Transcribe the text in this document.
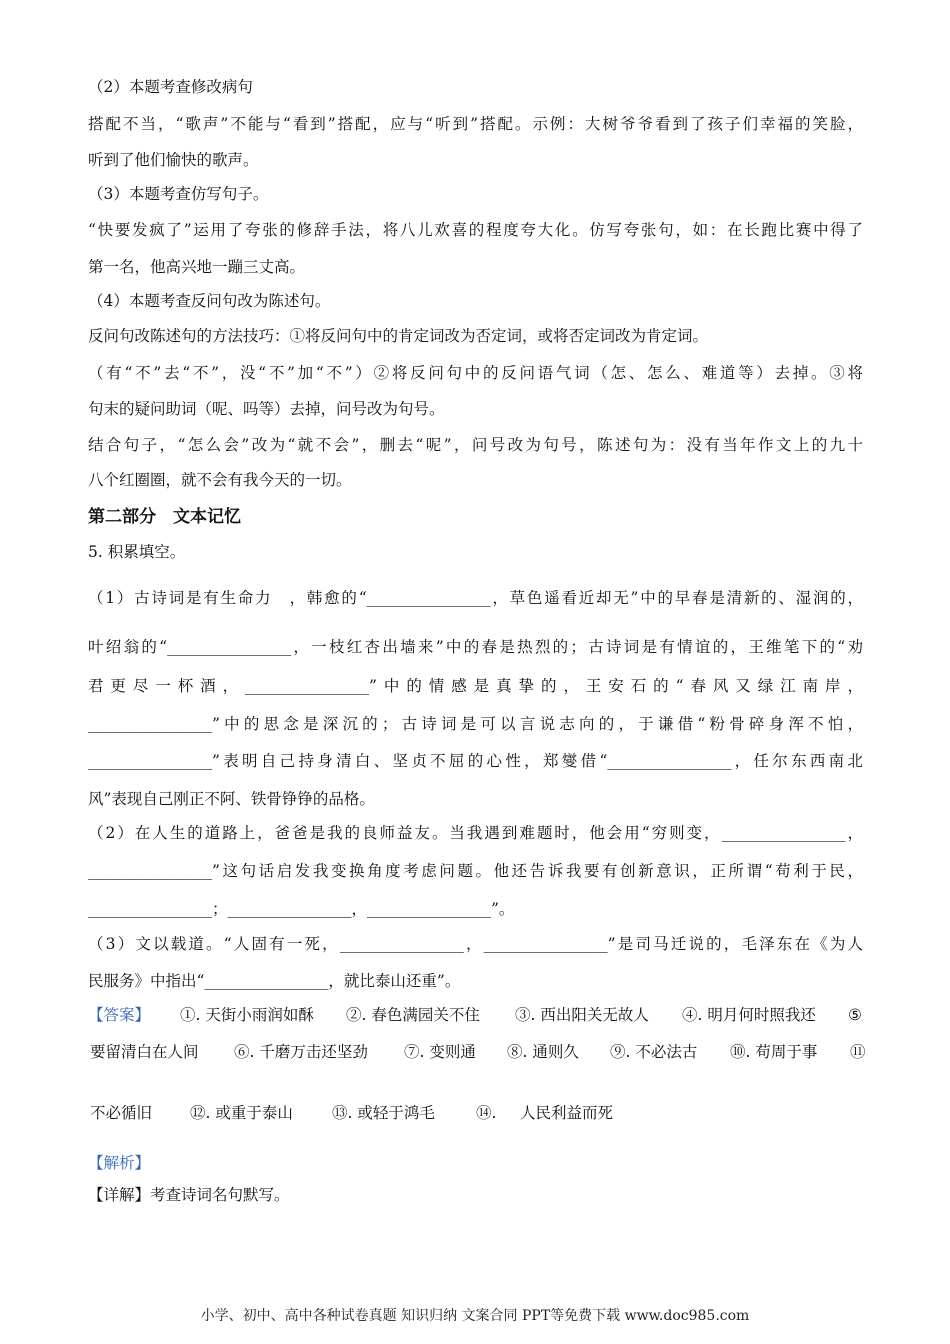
（2）本题考查修改病句
搭配不当，“歌声”不能与“看到”搭配，应与“听到”搭配。示例：大树爷爷看到了孩子们幸福的笑脸，
听到了他们愉快的歌声。
（3）本题考查仿写句子。
“快要发疯了”运用了夸张的修辞手法，将八儿欢喜的程度夸大化。仿写夸张句，如：在长跑比赛中得了
第一名，他高兴地一蹦三丈高。
（4）本题考查反问句改为陈述句。
反问句改陈述句的方法技巧：①将反问句中的肯定词改为否定词，或将否定词改为肯定词。
（有“不”去“不”，没“不”加“不”）②将反问句中的反问语气词（怎、怎么、难道等）去掉。③将
句末的疑问助词（呢、吗等）去掉，问号改为句号。
结合句子，“怎么会”改为“就不会”，删去“呢”，问号改为句号，陈述句为：没有当年作文上的九十
八个红圈圈，就不会有我今天的一切。
第二部分　文本记忆
5. 积累填空。
（1）古诗词是有生命力　，韩愈的“________________，草色遥看近却无”中的早春是清新的、湿润的，
叶绍翁的“________________，一枝红杏出墙来”中的春是热烈的；古诗词是有情谊的，王维笔下的“劝
君更尽一杯酒，________________”中的情感是真挚的，王安石的“春风又绿江南岸，
________________”中的思念是深沉的；古诗词是可以言说志向的，于谦借“粉骨碎身浑不怕，
________________”表明自己持身清白、坚贞不屈的心性，郑燮借“________________，任尔东西南北
风”表现自己刚正不阿、铁骨铮铮的品格。
（2）在人生的道路上，爸爸是我的良师益友。当我遇到难题时，他会用“穷则变，________________，
________________”这句话启发我变换角度考虑问题。他还告诉我要有创新意识，正所谓“苟利于民，
________________；________________，________________”。
（3）文以载道。“人固有一死，________________，________________”是司马迁说的，毛泽东在《为人
民服务》中指出“________________，就比泰山还重”。
【答案】 ①. 天街小雨润如酥 ②. 春色满园关不住 ③. 西出阳关无故人 ④. 明月何时照我还 ⑤
要留清白在人间 ⑥. 千磨万击还坚劲 ⑦. 变则通 ⑧. 通则久 ⑨. 不必法古 ⑩. 苟周于事 ⑪
不必循旧 ⑫. 或重于泰山	⑬. 或轻于鸿毛	⑭. 人民利益而死
【解析】
【详解】考查诗词名句默写。
小学、初中、高中各种试卷真题 知识归纳 文案合同 PPT等免费下载 www.doc985.com
